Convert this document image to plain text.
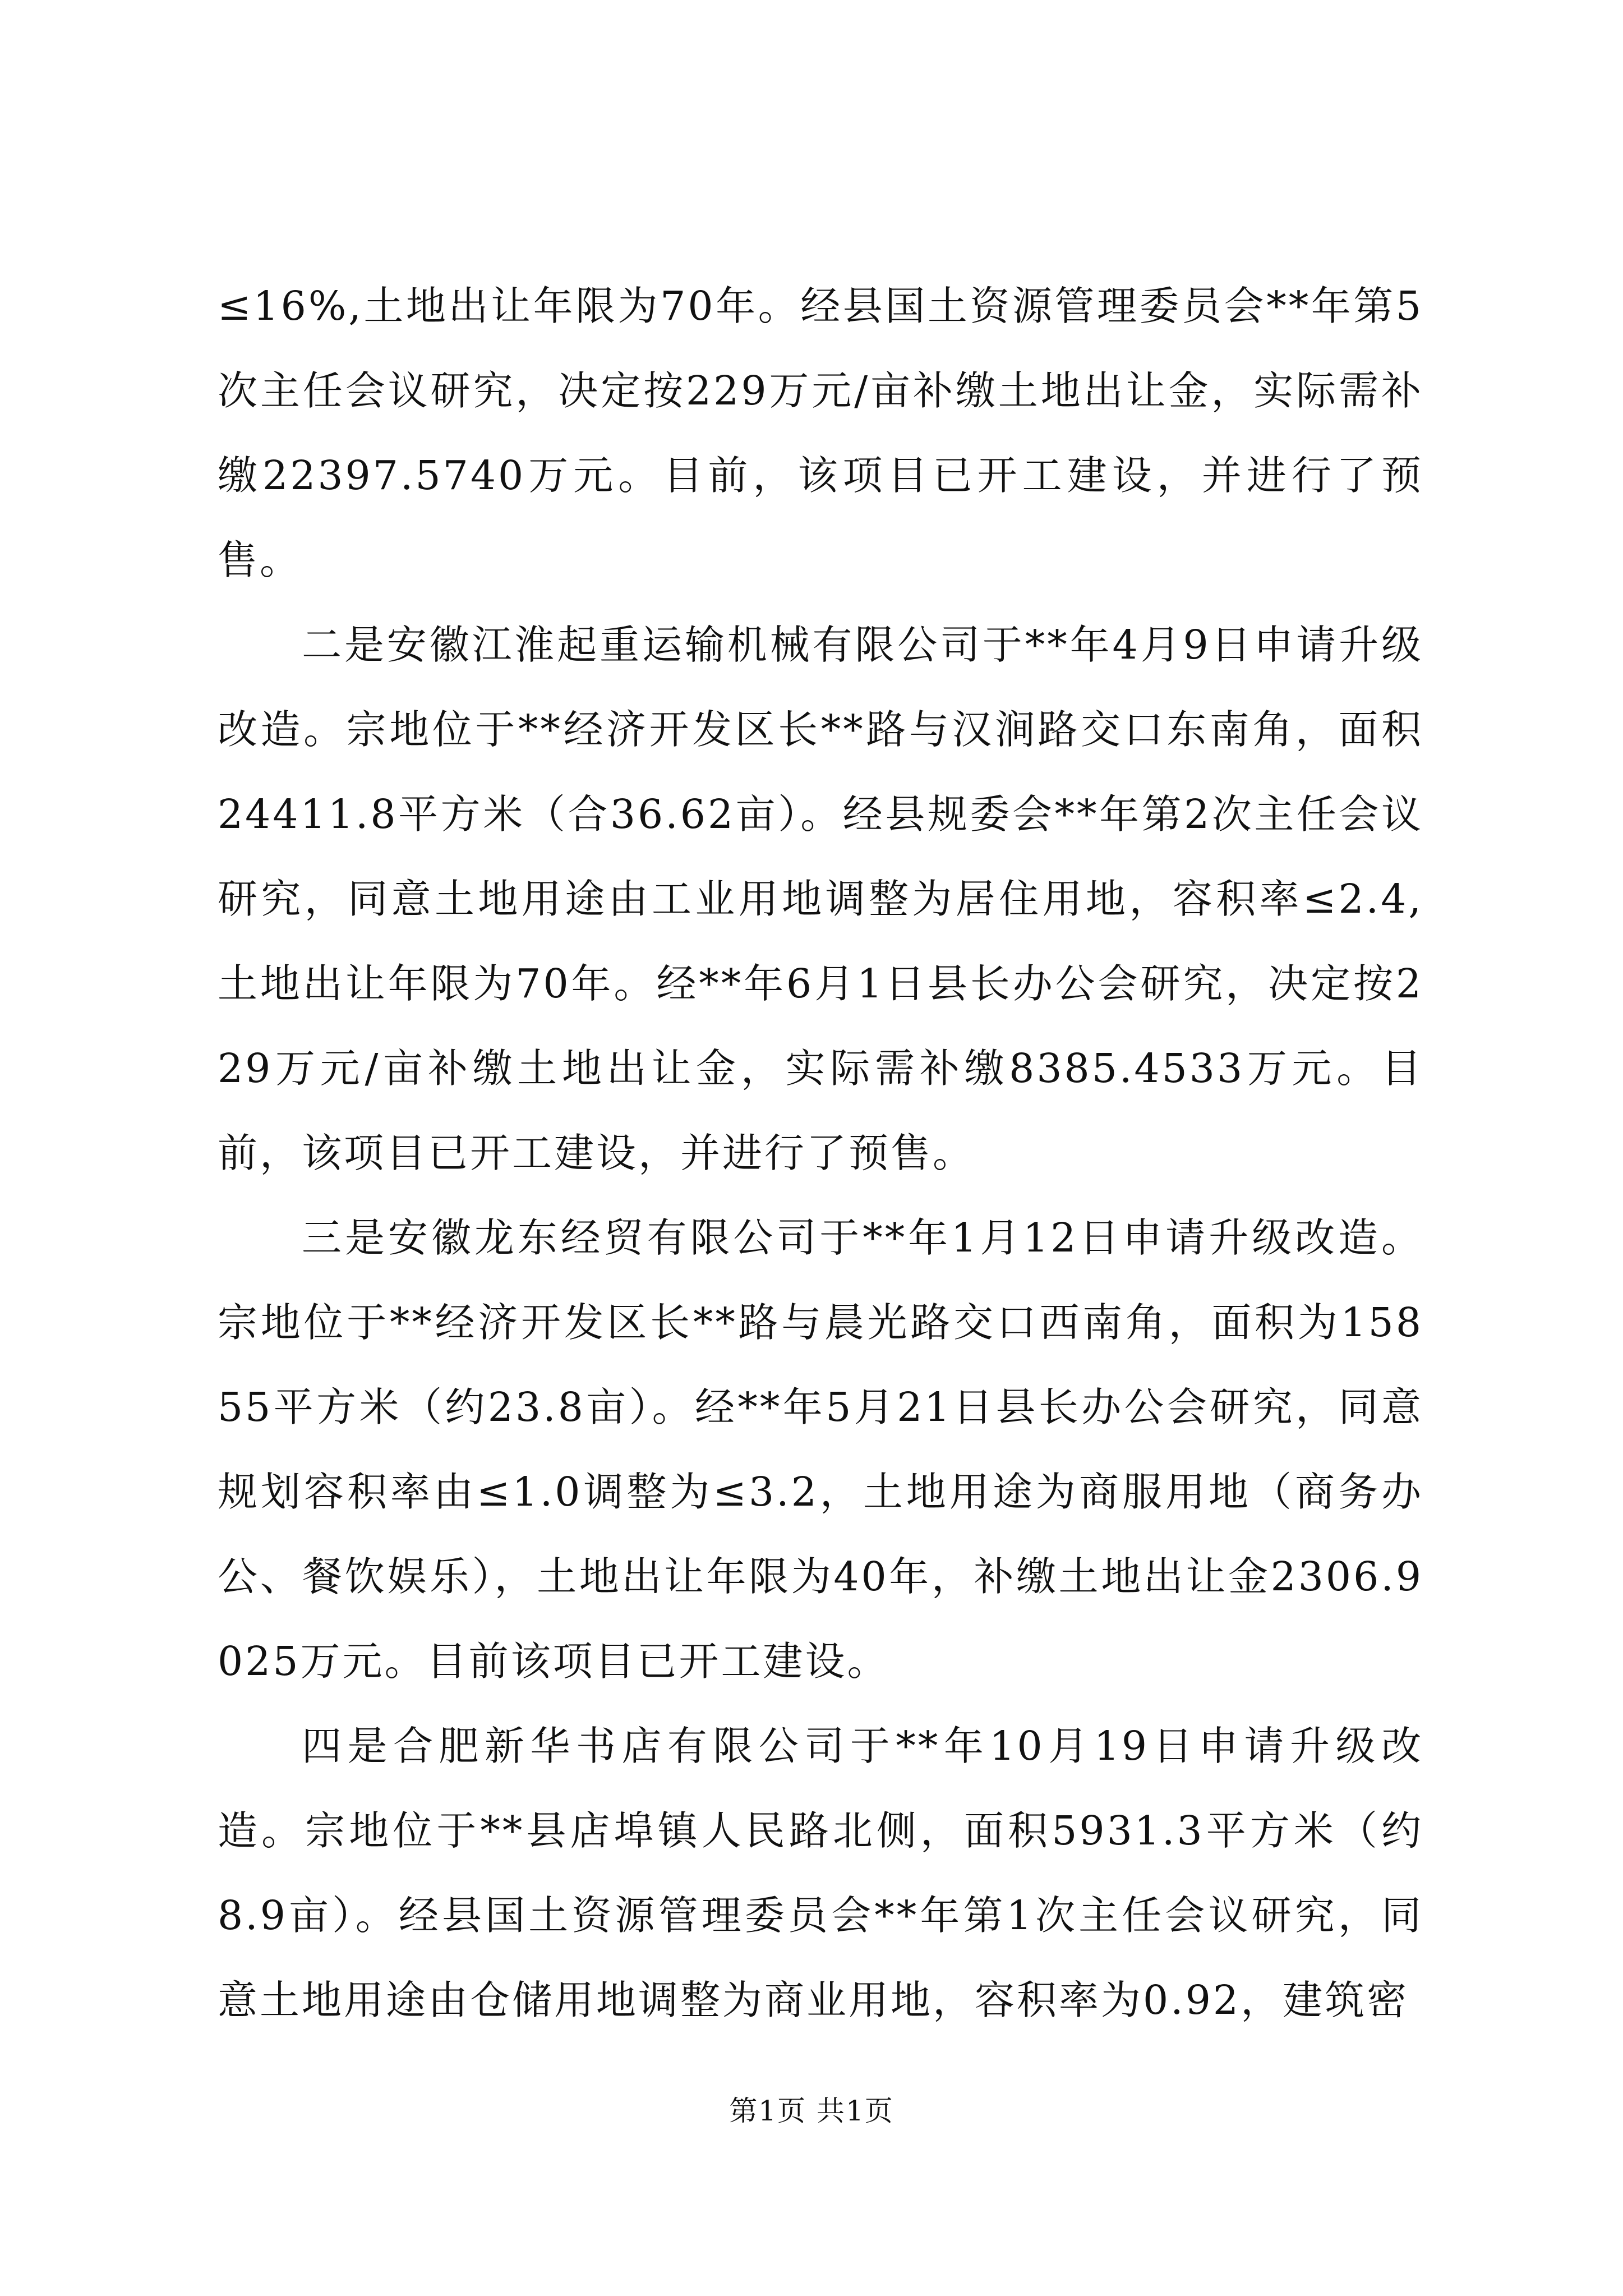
≤16%,土地出让年限为70年。经县国土资源管理委员会**年第5次主任会议研究，决定按229万元/亩补缴土地出让金，实际需补缴22397.5740万元。目前，该项目已开工建设，并进行了预售。

二是安徽江淮起重运输机械有限公司于**年4月9日申请升级改造。宗地位于**经济开发区长**路与汉涧路交口东南角，面积24411.8平方米（合36.62亩）。经县规委会**年第2次主任会议研究，同意土地用途由工业用地调整为居住用地，容积率≤2.4,土地出让年限为70年。经**年6月1日县长办公会研究，决定按229万元/亩补缴土地出让金，实际需补缴8385.4533万元。目前，该项目已开工建设，并进行了预售。

三是安徽龙东经贸有限公司于**年1月12日申请升级改造。宗地位于**经济开发区长**路与晨光路交口西南角，面积为15855平方米（约23.8亩）。经**年5月21日县长办公会研究，同意规划容积率由≤1.0调整为≤3.2，土地用途为商服用地（商务办公、餐饮娱乐），土地出让年限为40年，补缴土地出让金2306.9025万元。目前该项目已开工建设。

四是合肥新华书店有限公司于**年10月19日申请升级改造。宗地位于**县店埠镇人民路北侧，面积5931.3平方米（约8.9亩）。经县国土资源管理委员会**年第1次主任会议研究，同意土地用途由仓储用地调整为商业用地，容积率为0.92，建筑密

第1页 共1页
